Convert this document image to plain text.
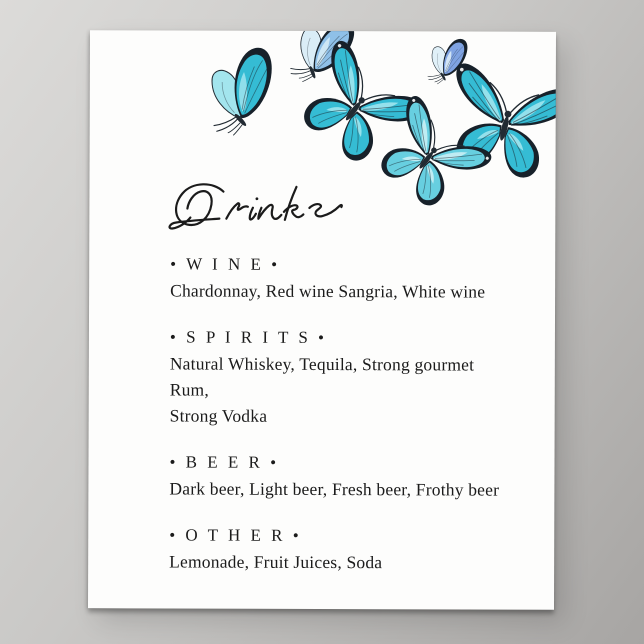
• W I N E •
Chardonnay, Red wine Sangria, White wine
• S P I R I T S •
Natural Whiskey, Tequila, Strong gourmet
Rum,
Strong Vodka
• B E E R •
Dark beer, Light beer, Fresh beer, Frothy beer
• O T H E R •
Lemonade, Fruit Juices, Soda
